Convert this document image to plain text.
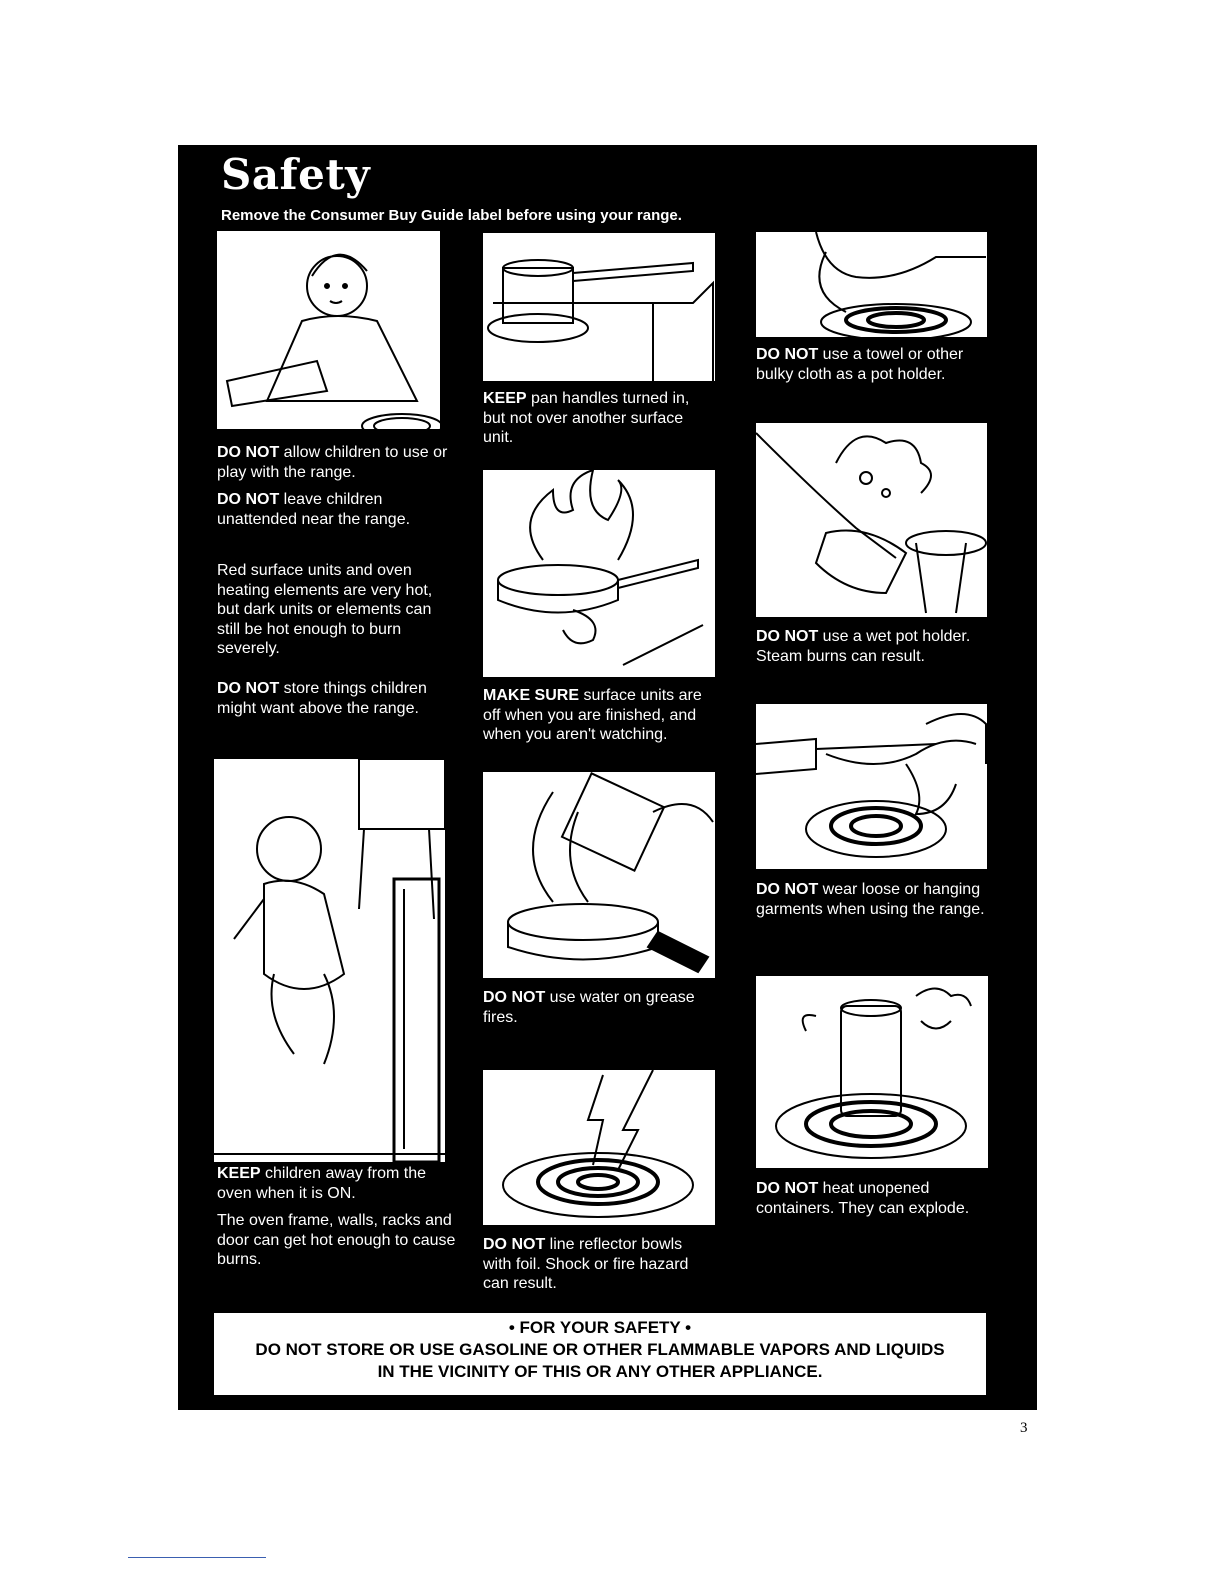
Safety
Remove the Consumer Buy Guide label before using your range.

DO NOT allow children to use or play with the range.

DO NOT leave children unattended near the range.

Red surface units and oven heating elements are very hot, but dark units or elements can still be hot enough to burn severely.

DO NOT store things children might want above the range.

KEEP children away from the oven when it is ON.

The oven frame, walls, racks and door can get hot enough to cause burns.

KEEP pan handles turned in, but not over another surface unit.

MAKE SURE surface units are off when you are finished, and when you aren't watching.

DO NOT use water on grease fires.

DO NOT line reflector bowls with foil. Shock or fire hazard can result.

DO NOT use a towel or other bulky cloth as a pot holder.

DO NOT use a wet pot holder. Steam burns can result.

DO NOT wear loose or hanging garments when using the range.

DO NOT heat unopened containers. They can explode.

• FOR YOUR SAFETY •
DO NOT STORE OR USE GASOLINE OR OTHER FLAMMABLE VAPORS AND LIQUIDS
IN THE VICINITY OF THIS OR ANY OTHER APPLIANCE.
3
